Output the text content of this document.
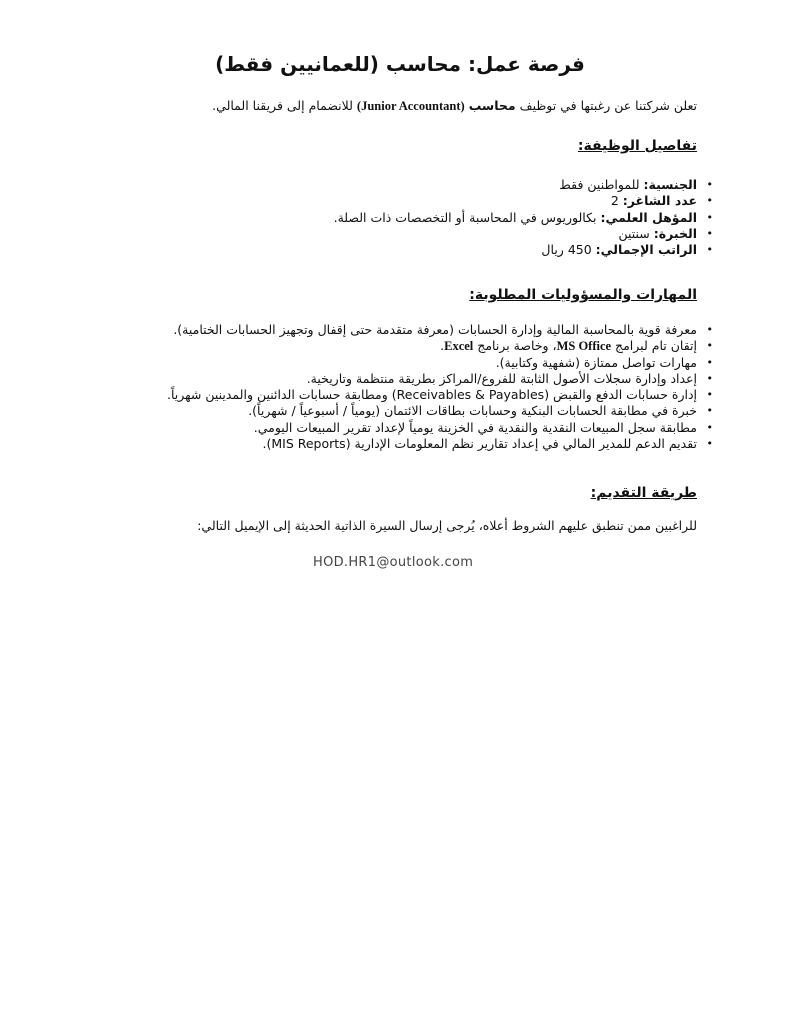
فرصة عمل: محاسب (للعمانيين فقط)
تعلن شركتنا عن رغبتها في توظيف محاسب (Junior Accountant) للانضمام إلى فريقنا المالي.
تفاصيل الوظيفة:
•
الجنسية: للمواطنين فقط
•
عدد الشاغر: 2
•
المؤهل العلمي: بكالوريوس في المحاسبة أو التخصصات ذات الصلة.
•
الخبرة: سنتين
•
الراتب الإجمالي: 450 ريال
المهارات والمسؤوليات المطلوبة:
•
معرفة قوية بالمحاسبة المالية وإدارة الحسابات (معرفة متقدمة حتى إقفال وتجهيز الحسابات الختامية).
•
إتقان تام لبرامج MS Office، وخاصة برنامج Excel.
•
مهارات تواصل ممتازة (شفهية وكتابية).
•
إعداد وإدارة سجلات الأصول الثابتة للفروع/المراكز بطريقة منتظمة وتاريخية.
•
إدارة حسابات الدفع والقبض (Receivables & Payables) ومطابقة حسابات الدائنين والمدينين شهرياً.
•
خبرة في مطابقة الحسابات البنكية وحسابات بطاقات الائتمان (يومياً / أسبوعياً / شهرياً).
•
مطابقة سجل المبيعات النقدية والنقدية في الخزينة يومياً لإعداد تقرير المبيعات اليومي.
•
تقديم الدعم للمدير المالي في إعداد تقارير نظم المعلومات الإدارية (MIS Reports).
طريقة التقديم:
للراغبين ممن تنطبق عليهم الشروط أعلاه، يُرجى إرسال السيرة الذاتية الحديثة إلى الإيميل التالي:
HOD.HR1@outlook.com
